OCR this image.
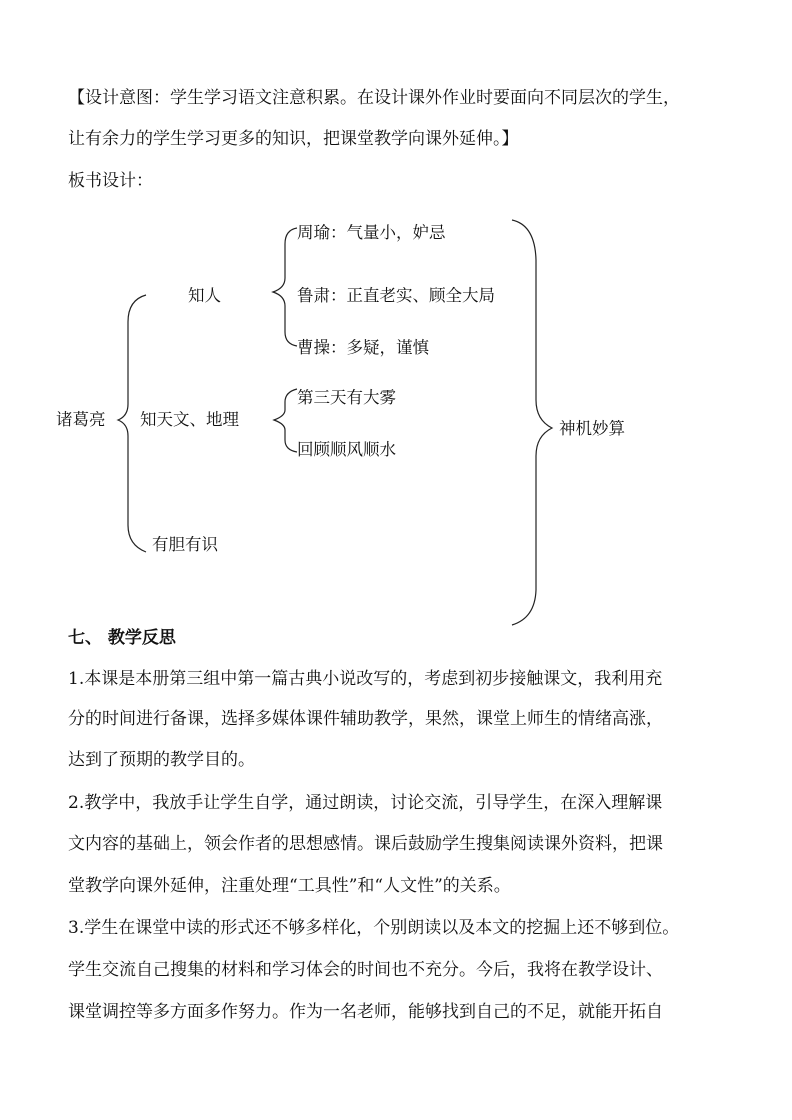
【设计意图：学生学习语文注意积累。在设计课外作业时要面向不同层次的学生，
让有余力的学生学习更多的知识，把课堂教学向课外延伸。】
板书设计：
诸葛亮
知人
知天文、地理
有胆有识
周瑜：气量小，妒忌
鲁肃：正直老实、顾全大局
曹操：多疑，谨慎
第三天有大雾
回顾顺风顺水
神机妙算
七、 教学反思
1.本课是本册第三组中第一篇古典小说改写的，考虑到初步接触课文，我利用充
分的时间进行备课，选择多媒体课件辅助教学，果然，课堂上师生的情绪高涨，
达到了预期的教学目的。
2.教学中，我放手让学生自学，通过朗读，讨论交流，引导学生，在深入理解课
文内容的基础上，领会作者的思想感情。课后鼓励学生搜集阅读课外资料，把课
堂教学向课外延伸，注重处理“工具性”和“人文性”的关系。
3.学生在课堂中读的形式还不够多样化，个别朗读以及本文的挖掘上还不够到位。
学生交流自己搜集的材料和学习体会的时间也不充分。今后，我将在教学设计、
课堂调控等多方面多作努力。作为一名老师，能够找到自己的不足，就能开拓自
